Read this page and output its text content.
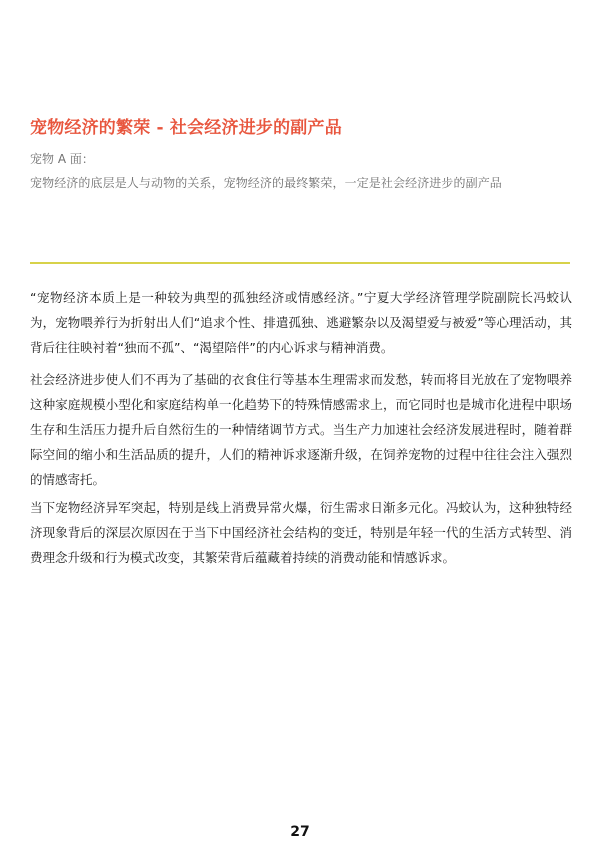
宠物经济的繁荣 - 社会经济进步的副产品
宠物 A 面：
宠物经济的底层是人与动物的关系，宠物经济的最终繁荣，一定是社会经济进步的副产品

“宠物经济本质上是一种较为典型的孤独经济或情感经济。”宁夏大学经济管理学院副院长冯蛟认为，宠物喂养行为折射出人们“追求个性、排遣孤独、逃避繁杂以及渴望爱与被爱”等心理活动，其背后往往映衬着“独而不孤”、“渴望陪伴”的内心诉求与精神消费。

社会经济进步使人们不再为了基础的衣食住行等基本生理需求而发愁，转而将目光放在了宠物喂养这种家庭规模小型化和家庭结构单一化趋势下的特殊情感需求上，而它同时也是城市化进程中职场生存和生活压力提升后自然衍生的一种情绪调节方式。当生产力加速社会经济发展进程时，随着群际空间的缩小和生活品质的提升，人们的精神诉求逐渐升级，在饲养宠物的过程中往往会注入强烈的情感寄托。

当下宠物经济异军突起，特别是线上消费异常火爆，衍生需求日渐多元化。冯蛟认为，这种独特经济现象背后的深层次原因在于当下中国经济社会结构的变迁，特别是年轻一代的生活方式转型、消费理念升级和行为模式改变，其繁荣背后蕴藏着持续的消费动能和情感诉求。

27
